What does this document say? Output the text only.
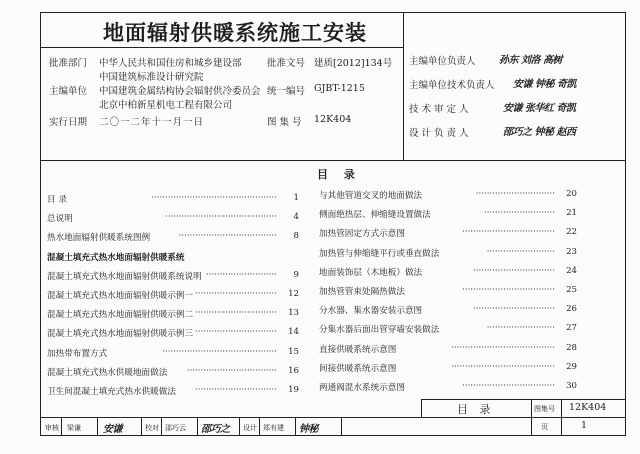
地面辐射供暖系统施工安装
批准部门 中华人民共和国住房和城乡建设部
中国建筑标准设计研究院
主编单位 中国建筑金属结构协会辐射供冷委员会
北京中柏新星机电工程有限公司
实行日期 二〇一二年十一月一日
批准文号 建质[2012]134号
统一编号 GJBT-1215
图 集 号 12K404
主编单位负责人 孙东 刘洛 高树
主编单位技术负责人 安谦 钟秘 奇凯
技 术 审 定 人	安谦 张华红 奇凯
设 计 负 责 人	邵巧之 钟秘 赵西
目 录
目 录	··············································	1
总说明	·········································	4
热水地面辐射供暖系统图例	····································	8
混凝土填充式热水地面辐射供暖系统
混凝土填充式热水地面辐射供暖系统说明 ··························	9
混凝土填充式热水地面辐射供暖示例一 ······························	12
混凝土填充式热水地面辐射供暖示例二 ······························	13
混凝土填充式热水地面辐射供暖示例三 ······························	14
加热带布置方式	··········································	15
混凝土填充式热水供暖地面做法	·································	16
卫生间混凝土填充式热水供暖做法	······························	19
与其他管道交叉的地面做法	·····························	20
侧面绝热层、伸缩缝设置做法	··························	21
加热管固定方式示意图	··································	22
加热管与伸缩缝平行或垂直做法	·························	23
地面装饰层（木地板）做法	······························	24
加热管管束处隔热做法	··································	25
分水器、集水器安装示意图	······························	26
分集水器后面出管穿墙安装做法	·························	27
直接供暖系统示意图	······································	28
间接供暖系统示意图	······································	29
两通阀混水系统示意图	··································	30
目 录	图集号 12K404
页	1
审核 梁谦 安谦	校对 邵巧云 邵巧之 设计 郑有建 钟秘
